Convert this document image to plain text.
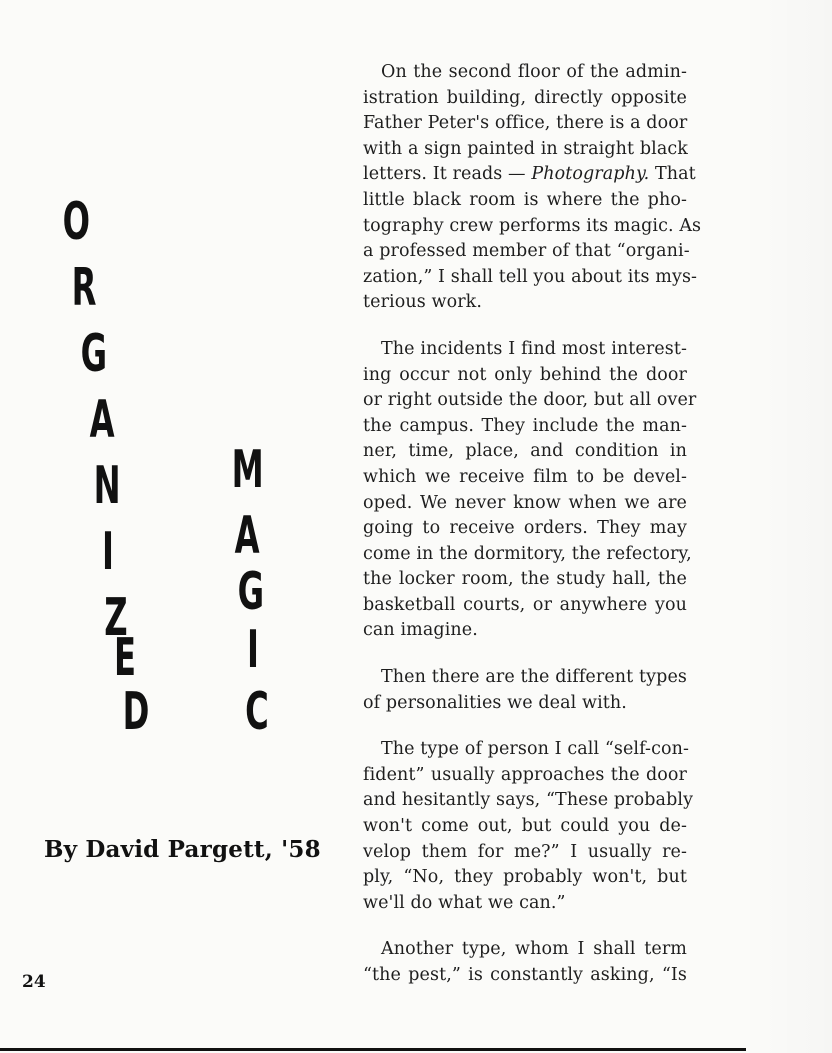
O
R
G
A
N
I
Z
E
D
M
A
G
I
C
By David Pargett, '58
On the second floor of the admin-
istration building, directly opposite
Father Peter's office, there is a door
with a sign painted in straight black
letters. It reads — Photography. That
little black room is where the pho-
tography crew performs its magic. As
a professed member of that “organi-
zation,” I shall tell you about its mys-
terious work.
The incidents I find most interest-
ing occur not only behind the door
or right outside the door, but all over
the campus. They include the man-
ner, time, place, and condition in
which we receive film to be devel-
oped. We never know when we are
going to receive orders. They may
come in the dormitory, the refectory,
the locker room, the study hall, the
basketball courts, or anywhere you
can imagine.
Then there are the different types
of personalities we deal with.
The type of person I call “self-con-
fident” usually approaches the door
and hesitantly says, “These probably
won't come out, but could you de-
velop them for me?” I usually re-
ply, “No, they probably won't, but
we'll do what we can.”
Another type, whom I shall term
“the pest,” is constantly asking, “Is
24
